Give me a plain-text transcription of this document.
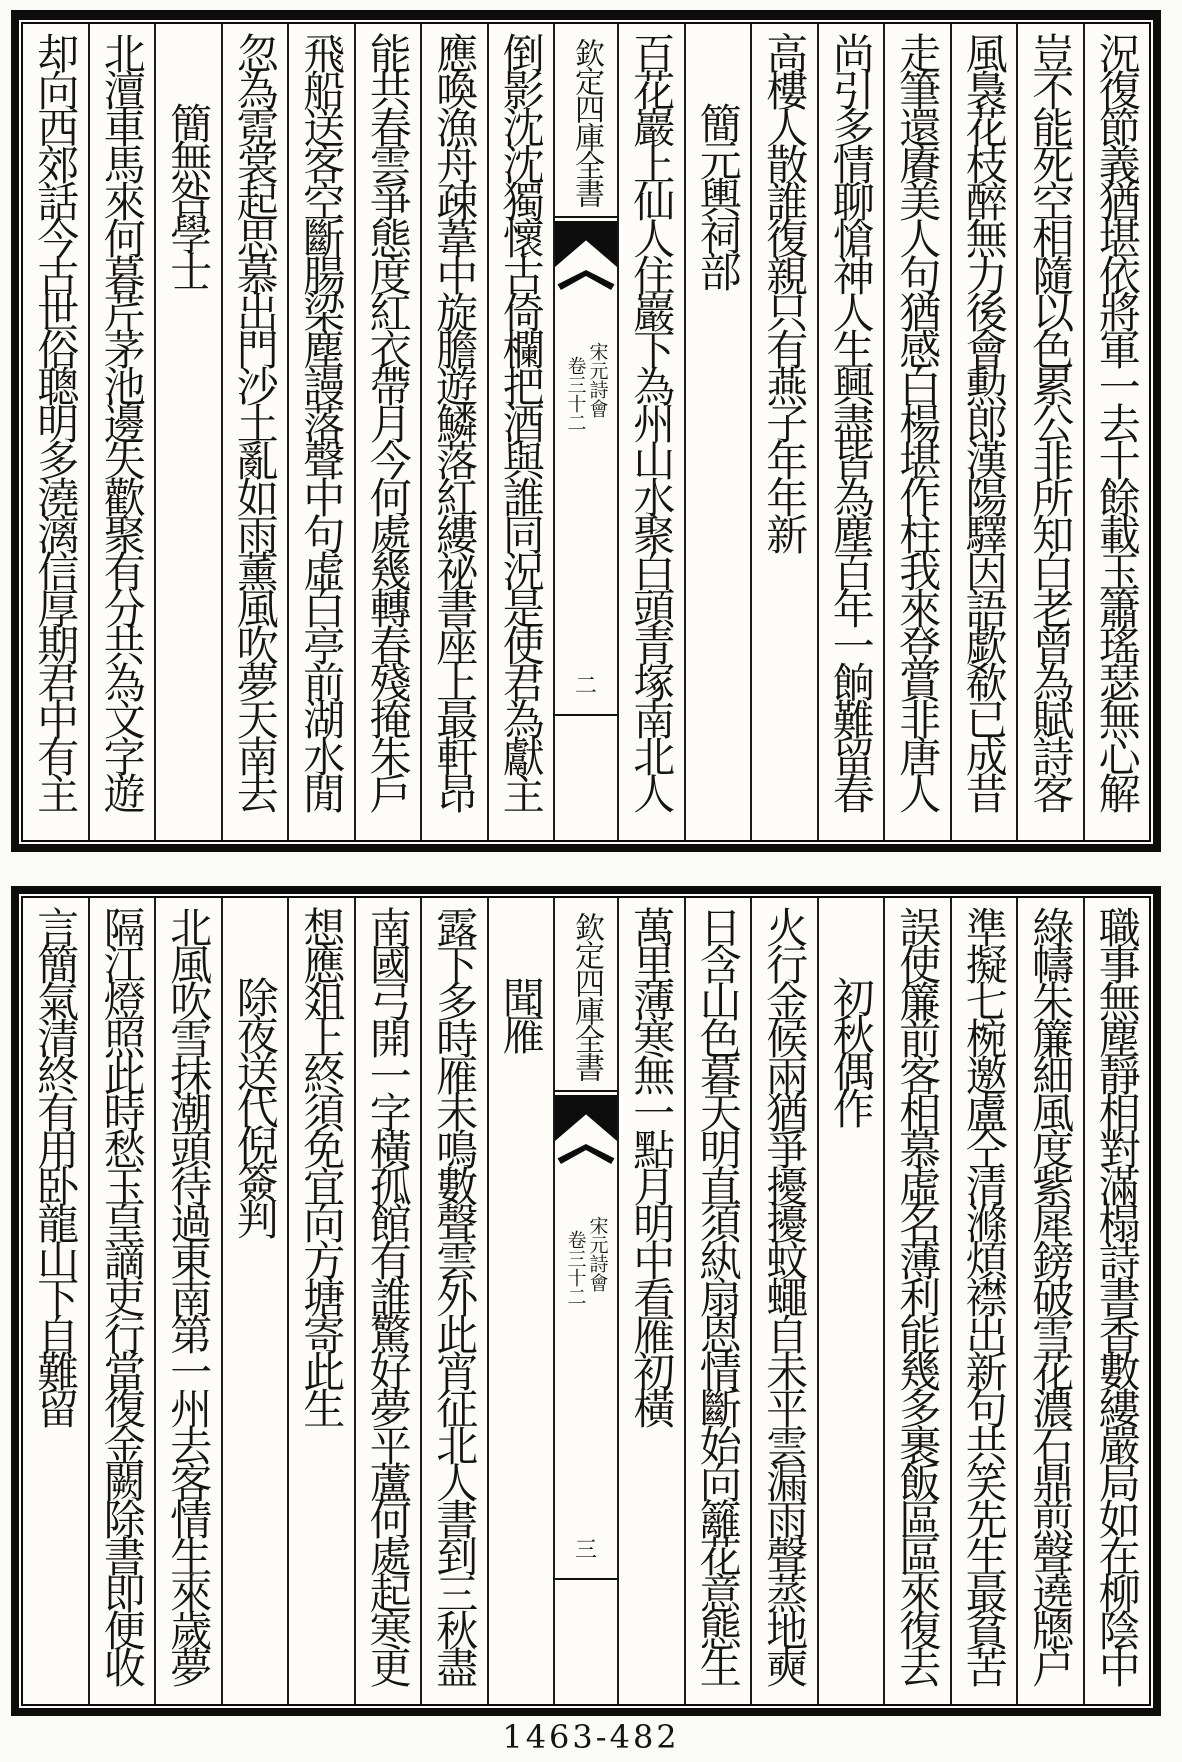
況復節義猶堪依將軍一去十餘載玉簫瑤瑟無心解
豈不能死空相隨以色累公非所知白老曾為賦詩客
風裊花枝醉無力後會勲郎漢陽驛因語歔欷已成昔
走筆還賡美人句猶感白楊堪作柱我來登賞非唐人
尚引多情聊愴神人生興盡皆為塵百年一餉難留春
高樓人散誰復親只有燕子年年新
簡元輿祠部
百花巖上仙人住巖下為州山水聚白頭青塚南北人
欽定四庫全書
宋元詩會
卷三十二
二
倒影沈沈獨懷古倚欄把酒與誰同況是使君為獻主
應喚漁舟疎葦中旋膽遊鱗落紅縷祕書座上最軒昂
能共春雲爭態度紅衣帶月今何處幾轉春殘掩朱戶
飛船送客空斷腸梁塵謾落聲中句虛白亭前湖水閒
忽為霓裳起思慕出門沙土亂如雨薰風吹夢天南去
簡無咎學士
北澶車馬來何暮芹茅池邊失歡聚有分共為文字遊
却向西郊話今古世俗聰明多澆漓信厚期君中有主
職事無塵靜相對滿榻詩書香數縷嚴局如在柳陰中
綠幬朱簾細風度紫犀鎊破雪花濃石鼎煎聲遶牕户
準擬七椀邀盧仝清滌煩襟出新句共笑先生最貧苦
誤使簾前客相慕虛名薄利能幾多裹飯區區來復去
初秋偶作
火行金候兩猶爭擾擾蚊蠅自未平雲漏雨聲蒸地奭
日含山色暮天明直須紈扇恩情斷始向籬花意態生
萬里薄寒無一點月明中看雁初橫
欽定四庫全書
宋元詩會
卷三十二
三
聞雁
露下多時雁未鳴數聲雲外此宵征北人書到三秋盡
南國弓開一字橫孤館有誰驚好夢平蘆何處起寒更
想應爼上終須免宜向方塘寄此生
除夜送代倪簽判
北風吹雪抹潮頭待過東南第一州去客情生來歲夢
隔江燈照此時愁玉皇謫吏行當復金闕除書即便收
言簡氣清終有用卧龍山下自難留
1463-482
